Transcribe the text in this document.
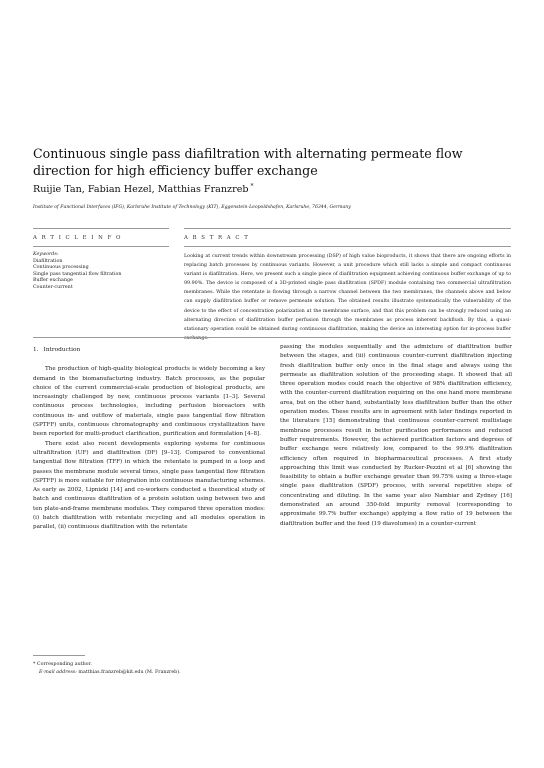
Continuous single pass diafiltration with alternating permeate flow direction for high efficiency buffer exchange
Ruijie Tan, Fabian Hezel, Matthias Franzreb *
Institute of Functional Interfaces (IFG), Karlsruhe Institute of Technology (KIT), Eggenstein-Leopoldshafen, Karlsruhe, 76344, Germany
A R T I C L E I N F O	A B S T R A C T
Keywords:
Diafiltration
Continuous processing
Single pass tangential flow filtration
Buffer exchange
Counter-current
Looking at current trends within downstream processing (DSP) of high value bioproducts, it shows that there are ongoing efforts in replacing batch processes by continuous variants. However, a unit procedure which still lacks a simple and compact continuous variant is diafiltration. Here, we present such a single piece of diafiltration equipment achieving continuous buffer exchange of up to 99.90%. The device is composed of a 3D-printed single pass diafiltration (SPDF) module containing two commercial ultrafiltration membranes. While the retentate is flowing through a narrow channel between the two membranes, the channels above and below can supply diafiltration buffer or remove permeate solution. The obtained results illustrate systematically the vulnerability of the device to the effect of concentration polarization at the membrane surface, and that this problem can be strongly reduced using an alternating direction of diafiltration buffer perfusion through the membranes as process inherent backflush. By this, a quasi-stationary operation could be obtained during continuous diafiltration, making the device an interesting option for in-process buffer exchange.
1. Introduction

The production of high-quality biological products is widely becoming a key demand in the biomanufacturing industry. Batch processes, as the popular choice of the current commercial-scale production of biological products, are increasingly challenged by new, continuous process variants [1–3]. Several continuous process technologies, including perfusion bioreactors with continuous in- and outflow of materials, single pass tangential flow filtration (SPTFF) units, continuous chromatography and continuous crystallization have been reported for multi-product clarification, purification and formulation [4–8].

There exist also recent developments exploring systems for continuous ultrafiltration (UF) and diafiltration (DF) [9–13]. Compared to conventional tangential flow filtration (TFF) in which the retentate is pumped in a loop and passes the membrane module several times, single pass tangential flow filtration (SPTFF) is more suitable for integration into continuous manufacturing schemes. As early as 2002, Lipnizki [14] and co-workers conducted a theoretical study of batch and continuous diafiltration of a protein solution using between two and ten plate-and-frame membrane modules. They compared three operation modes: (i) batch diafiltration with retentate recycling and all modules operation in parallel, (ii) continuous diafiltration with the retentate

passing the modules sequentially and the admixture of diafiltration buffer between the stages, and (iii) continuous counter-current diafiltration injecting fresh diafiltration buffer only once in the final stage and always using the permeate as diafiltration solution of the proceeding stage. It showed that all three operation modes could reach the objective of 98% diafiltration efficiency, with the counter-current diafiltration requiring on the one hand more membrane area, but on the other hand, substantially less diafiltration buffer than the other operation modes. These results are in agreement with later findings reported in the literature [15] demonstrating that continuous counter-current multistage membrane processes result in better purification performances and reduced buffer requirements. However, the achieved purification factors and degrees of buffer exchange were relatively low, compared to the 99.9% diafiltration efficiency often required in biopharmaceutical processes. A first study approaching this limit was conducted by Rucker-Pezzini et al [6] showing the feasibility to obtain a buffer exchange greater than 99.75% using a three-stage single pass diafiltration (SPDF) process, with several repetitive steps of concentrating and diluting. In the same year also Nambiar and Zydney [16] demonstrated an around 350-fold impurity removal (corresponding to approximate 99.7% buffer exchange) applying a flow ratio of 19 between the diafiltration buffer and the feed (19 diavolumes) in a counter-current

* Corresponding author.
E-mail address: matthias.franzreb@kit.edu (M. Franzreb).
